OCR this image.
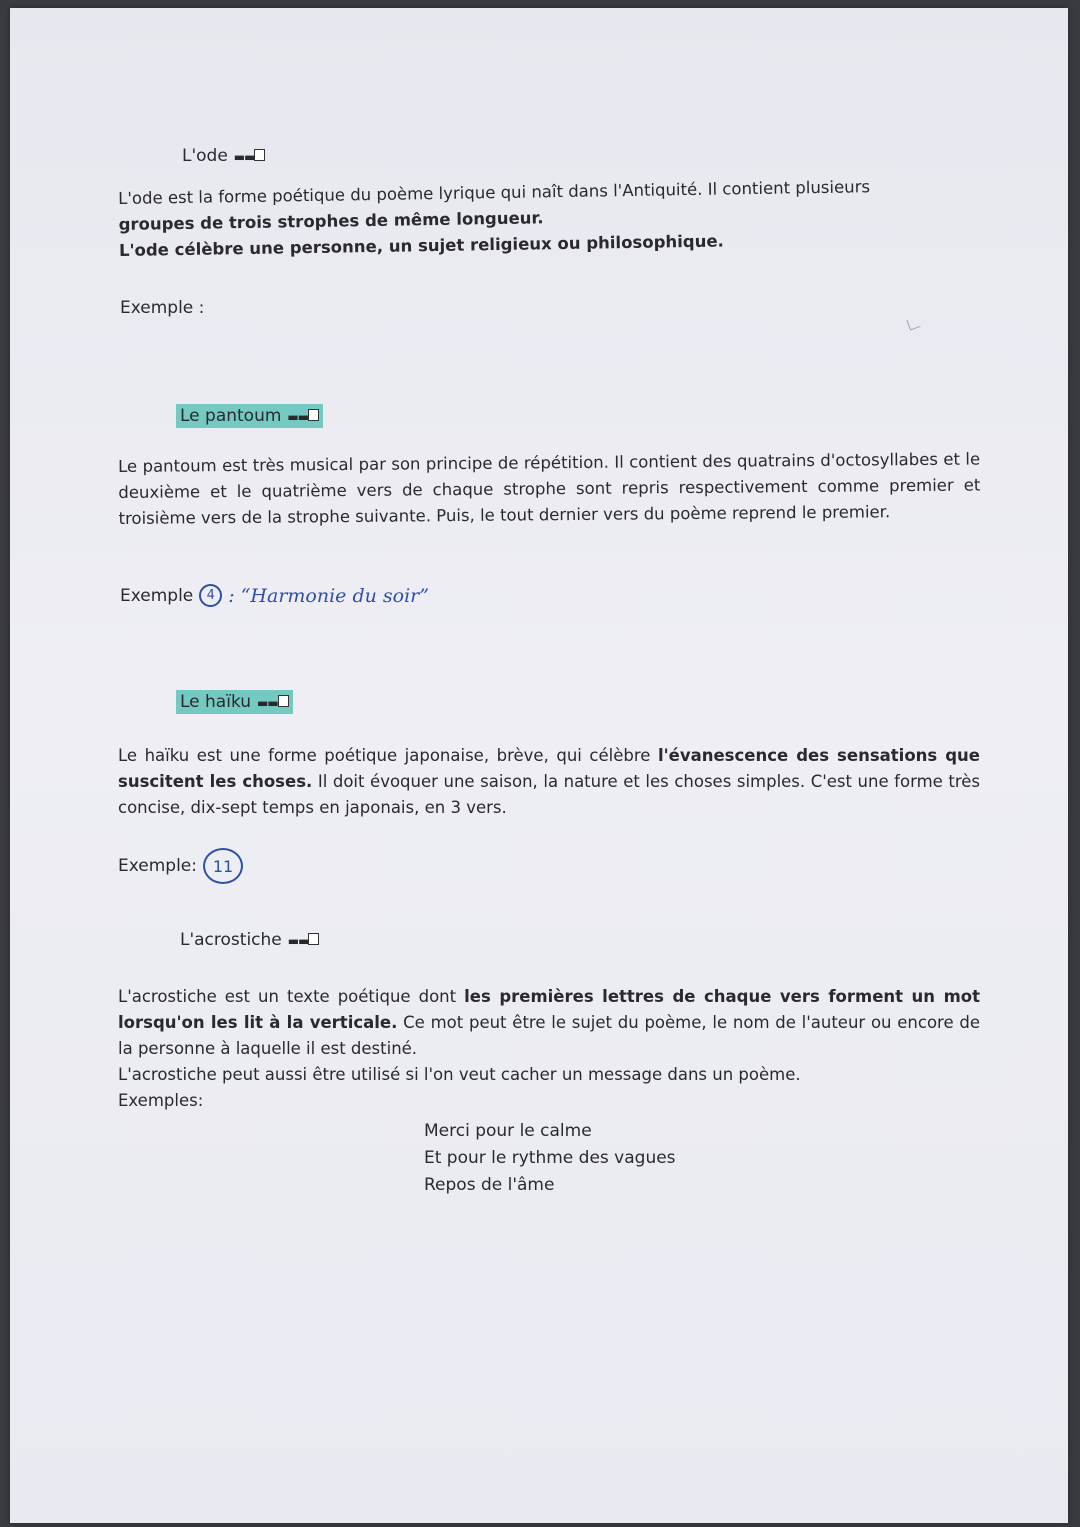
L'ode ▬▬

L'ode est la forme poétique du poème lyrique qui naît dans l'Antiquité. Il contient plusieurs
groupes de trois strophes de même longueur.
L'ode célèbre une personne, un sujet religieux ou philosophique.

Exemple :
Le pantoum ▬▬

Le pantoum est très musical par son principe de répétition. Il contient des quatrains d'octosyllabes et le deuxième et le quatrième vers de chaque strophe sont repris respectivement comme premier et troisième vers de la strophe suivante. Puis, le tout dernier vers du poème reprend le premier.

Exemple	4 : “Harmonie du soir”
Le haïku ▬▬

Le haïku est une forme poétique japonaise, brève, qui célèbre l'évanescence des sensations que suscitent les choses. Il doit évoquer une saison, la nature et les choses simples. C'est une forme très concise, dix-sept temps en japonais, en 3 vers.

Exemple: 11
L'acrostiche ▬▬

L'acrostiche est un texte poétique dont les premières lettres de chaque vers forment un mot lorsqu'on les lit à la verticale. Ce mot peut être le sujet du poème, le nom de l'auteur ou encore de la personne à laquelle il est destiné.
L'acrostiche peut aussi être utilisé si l'on veut cacher un message dans un poème.
Exemples:

Merci pour le calme
Et pour le rythme des vagues
Repos de l'âme
